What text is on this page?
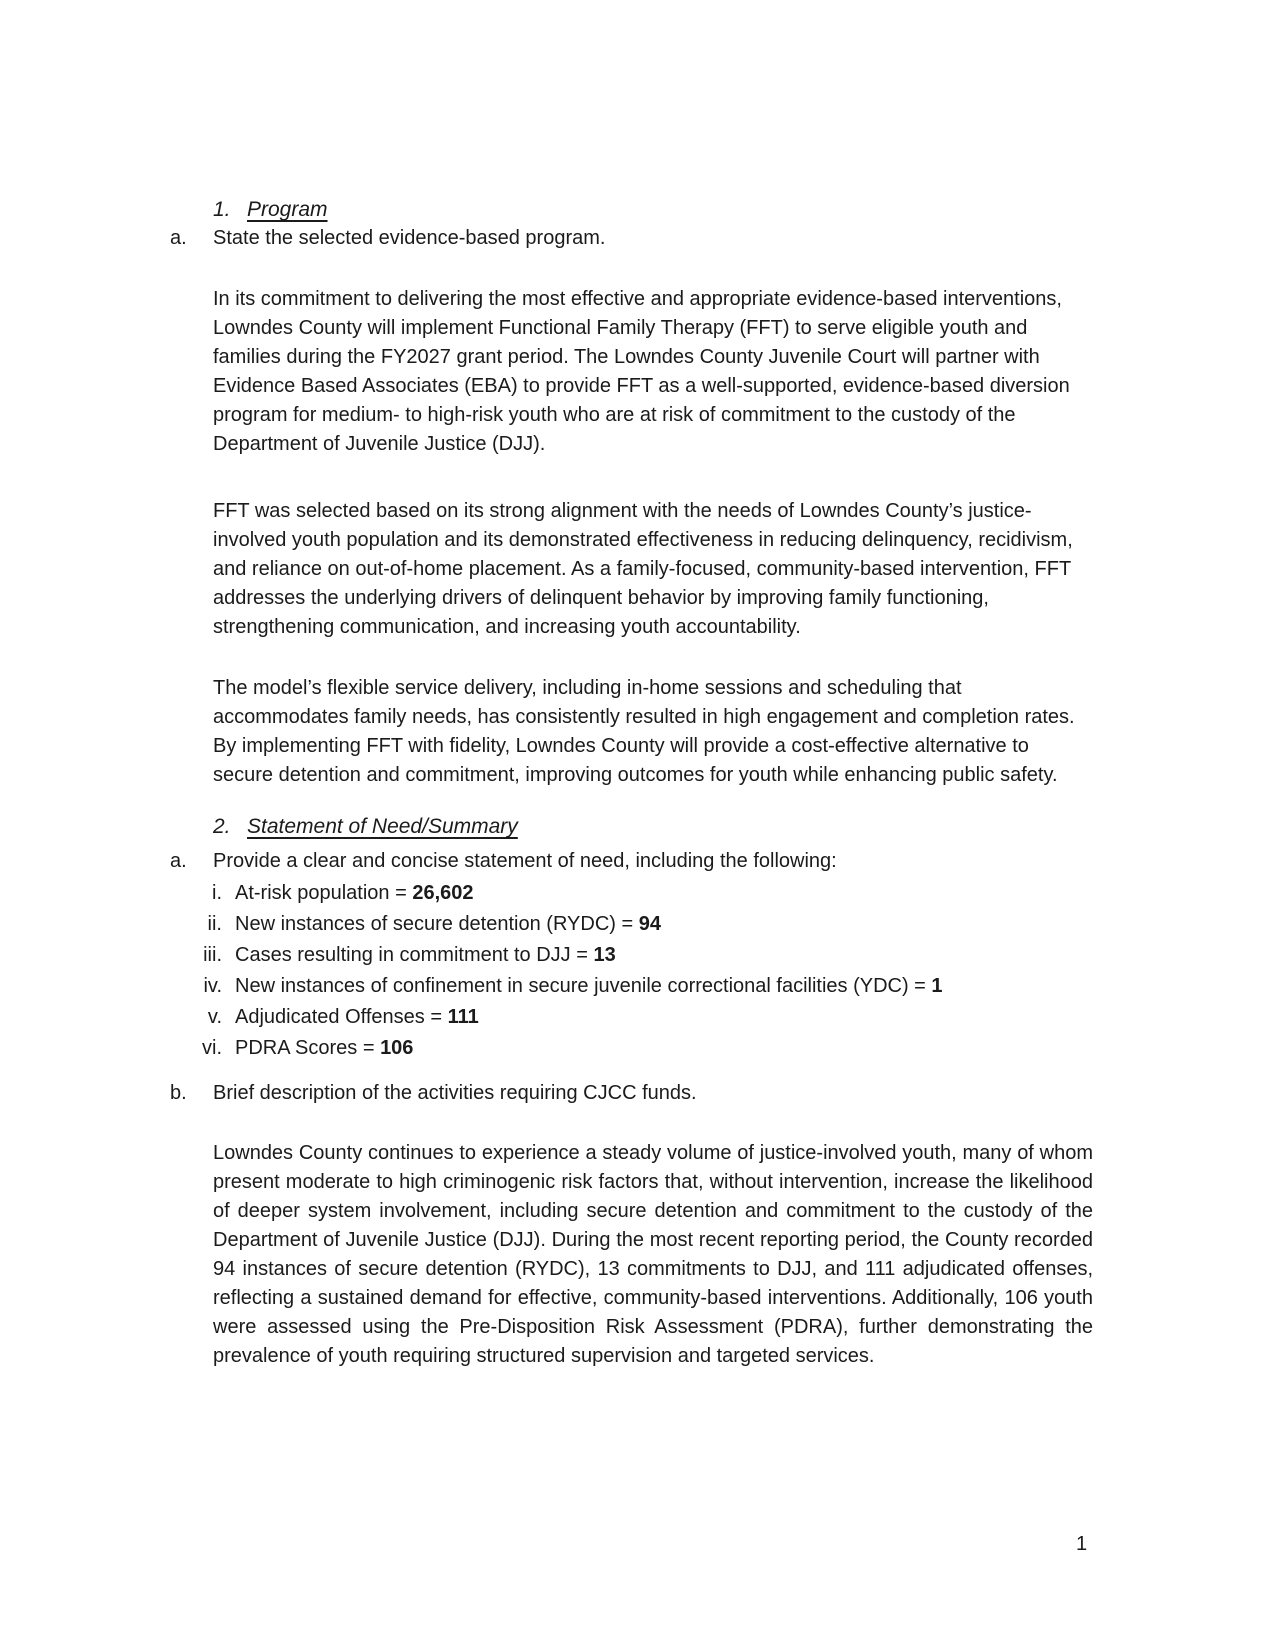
1. Program
a.	State the selected evidence-based program.

In its commitment to delivering the most effective and appropriate evidence-based interventions, Lowndes County will implement Functional Family Therapy (FFT) to serve eligible youth and families during the FY2027 grant period. The Lowndes County Juvenile Court will partner with Evidence Based Associates (EBA) to provide FFT as a well-supported, evidence-based diversion program for medium- to high-risk youth who are at risk of commitment to the custody of the Department of Juvenile Justice (DJJ).

FFT was selected based on its strong alignment with the needs of Lowndes County’s justice-involved youth population and its demonstrated effectiveness in reducing delinquency, recidivism, and reliance on out-of-home placement. As a family-focused, community-based intervention, FFT addresses the underlying drivers of delinquent behavior by improving family functioning, strengthening communication, and increasing youth accountability.

The model’s flexible service delivery, including in-home sessions and scheduling that accommodates family needs, has consistently resulted in high engagement and completion rates. By implementing FFT with fidelity, Lowndes County will provide a cost-effective alternative to secure detention and commitment, improving outcomes for youth while enhancing public safety.

2. Statement of Need/Summary
a.	Provide a clear and concise statement of need, including the following:
i. At-risk population = 26,602
ii. New instances of secure detention (RYDC) = 94
iii. Cases resulting in commitment to DJJ = 13
iv. New instances of confinement in secure juvenile correctional facilities (YDC) = 1
v. Adjudicated Offenses = 111
vi. PDRA Scores = 106
b.	Brief description of the activities requiring CJCC funds.

Lowndes County continues to experience a steady volume of justice-involved youth, many of whom present moderate to high criminogenic risk factors that, without intervention, increase the likelihood of deeper system involvement, including secure detention and commitment to the custody of the Department of Juvenile Justice (DJJ). During the most recent reporting period, the County recorded 94 instances of secure detention (RYDC), 13 commitments to DJJ, and 111 adjudicated offenses, reflecting a sustained demand for effective, community-based interventions. Additionally, 106 youth were assessed using the Pre-Disposition Risk Assessment (PDRA), further demonstrating the prevalence of youth requiring structured supervision and targeted services.

1
